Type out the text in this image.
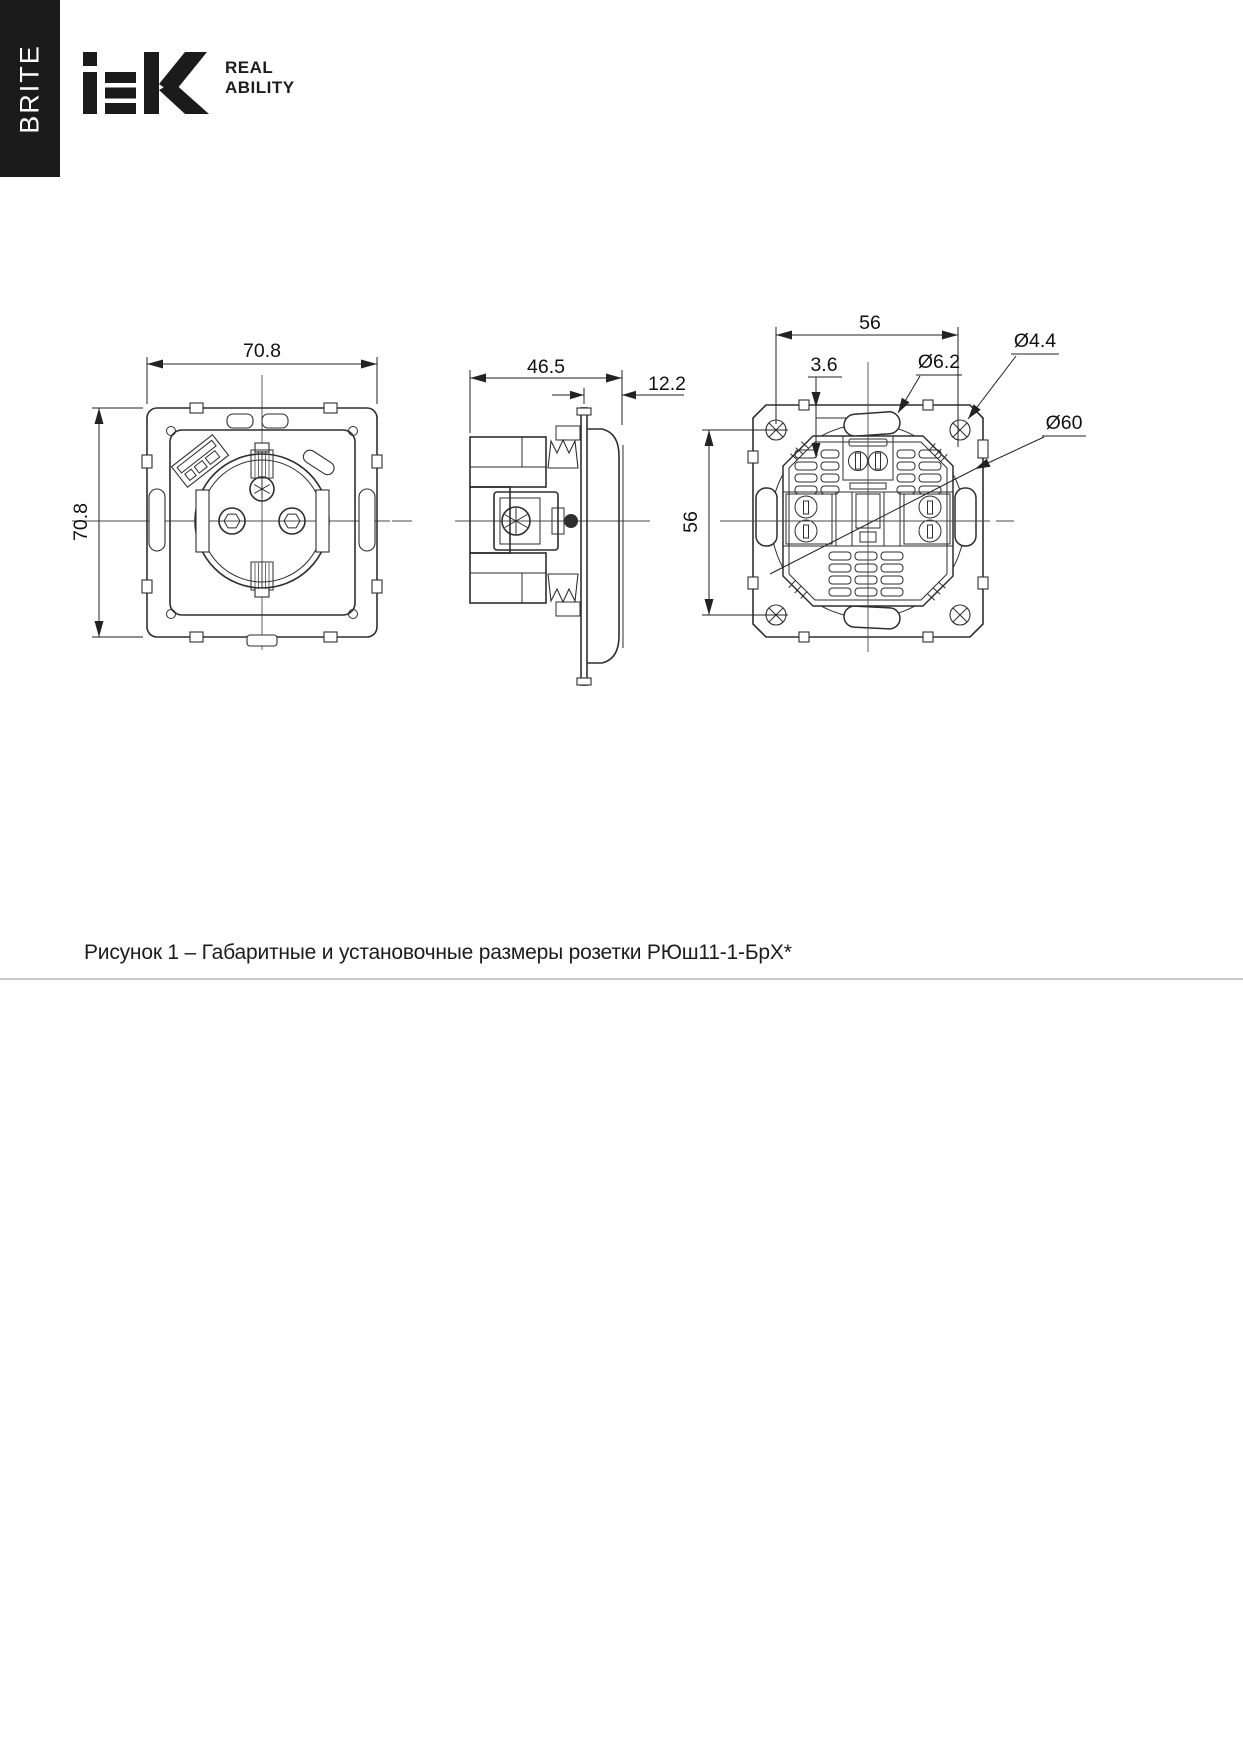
BRITE	REAL
ABILITY
70.8
70.8
46.5
12.2
56
56
3.6	Ø6.2
Ø4.4
Ø60
Рисунок 1 – Габаритные и установочные размеры розетки РЮш11-1-БрХ*
